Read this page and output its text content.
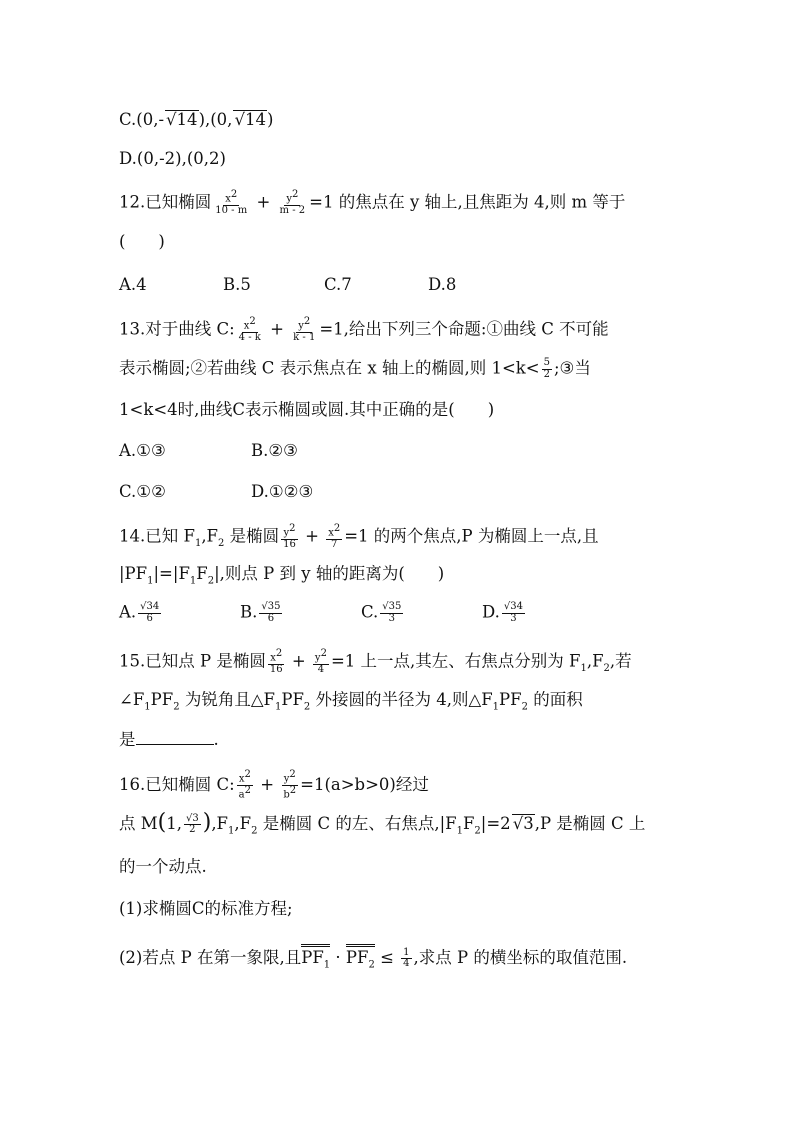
C.(0,- √14),(0, √14)
D.(0,-2),(0,2)
12.已知椭圆 $\frac{x^2}{10 - m} + \frac{y^2}{m - 2} =1$ 的焦点在 y 轴上,且焦距为 4,则 m 等于
(　　)
A.4	B.5	C.7	D.8
13.对于曲线 C: $\frac{x^2}{4 - k} + \frac{y^2}{k - 1} =1$,给出下列三个命题:①曲线 C 不可能
表示椭圆;②若曲线 C 表示焦点在 x 轴上的椭圆,则 $1<k< \frac{5}{2}$ ;③当
1<k<4时,曲线C表示椭圆或圆.其中正确的是(　　)
A.①③	B.②③
C.①②	D.①②③
14.已知 $F_1,F_2$ 是椭圆 $\frac{y^2}{16} + \frac{x^2}{7} =1$ 的两个焦点,P 为椭圆上一点,且
$|PF_1|=|F_1F_2|$,则点 P 到 y 轴的距离为(　　)
A. $\frac{√34}{6}$	B. $\frac{√35}{6}$	C. $\frac{√35}{3}$	D. $\frac{√34}{3}$
15.已知点 P 是椭圆 $\frac{x^2}{16} + \frac{y^2}{4} =1$ 上一点,其左、右焦点分别为 $F_1,F_2$,若
$\angle F_1PF_2$ 为锐角且$\triangle F_1PF_2$ 外接圆的半径为 4,则$\triangle F_1PF_2$ 的面积
是	.
16.已知椭圆 C: $\frac{x^2}{a^2} + \frac{y^2}{b^2} =1(a>b>0)$经过
点 M(1, $\frac{√3}{2} ),F_1,F_2$ 是椭圆 C 的左、右焦点$,|F_1F_2|=2$ √3,P 是椭圆 C 上
的一个动点.
(1)求椭圆C的标准方程;
(2)若点 P 在第一象限,且$PF_1 \cdot PF_2 \le \frac{1}{4}$ ,求点 P 的横坐标的取值范围.
